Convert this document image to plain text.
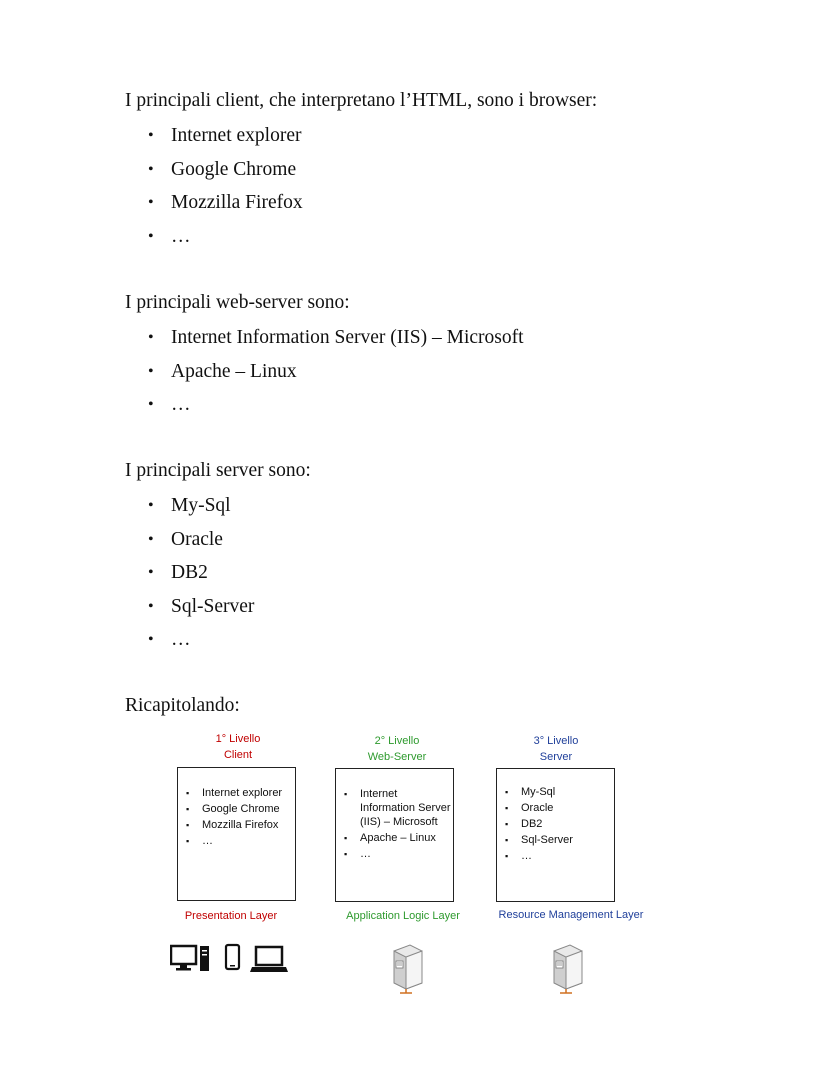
I principali client, che interpretano l’HTML, sono i browser:

• Internet explorer
• Google Chrome
• Mozzilla Firefox
• …

I principali web-server sono:

• Internet Information Server (IIS) – Microsoft
• Apache – Linux
• …

I principali server sono:

• My-Sql
• Oracle
• DB2
• Sql-Server
• …

Ricapitolando:

1° Livello
Client
▪ Internet explorer
▪ Google Chrome
▪ Mozzilla Firefox
▪ …
Presentation Layer
2° Livello
Web-Server
▪ Internet Information Server (IIS) – Microsoft
▪ Apache – Linux
▪ …
Application Logic Layer
3° Livello
Server
▪ My-Sql
▪ Oracle
▪ DB2
▪ Sql-Server
▪ …
Resource Management Layer
